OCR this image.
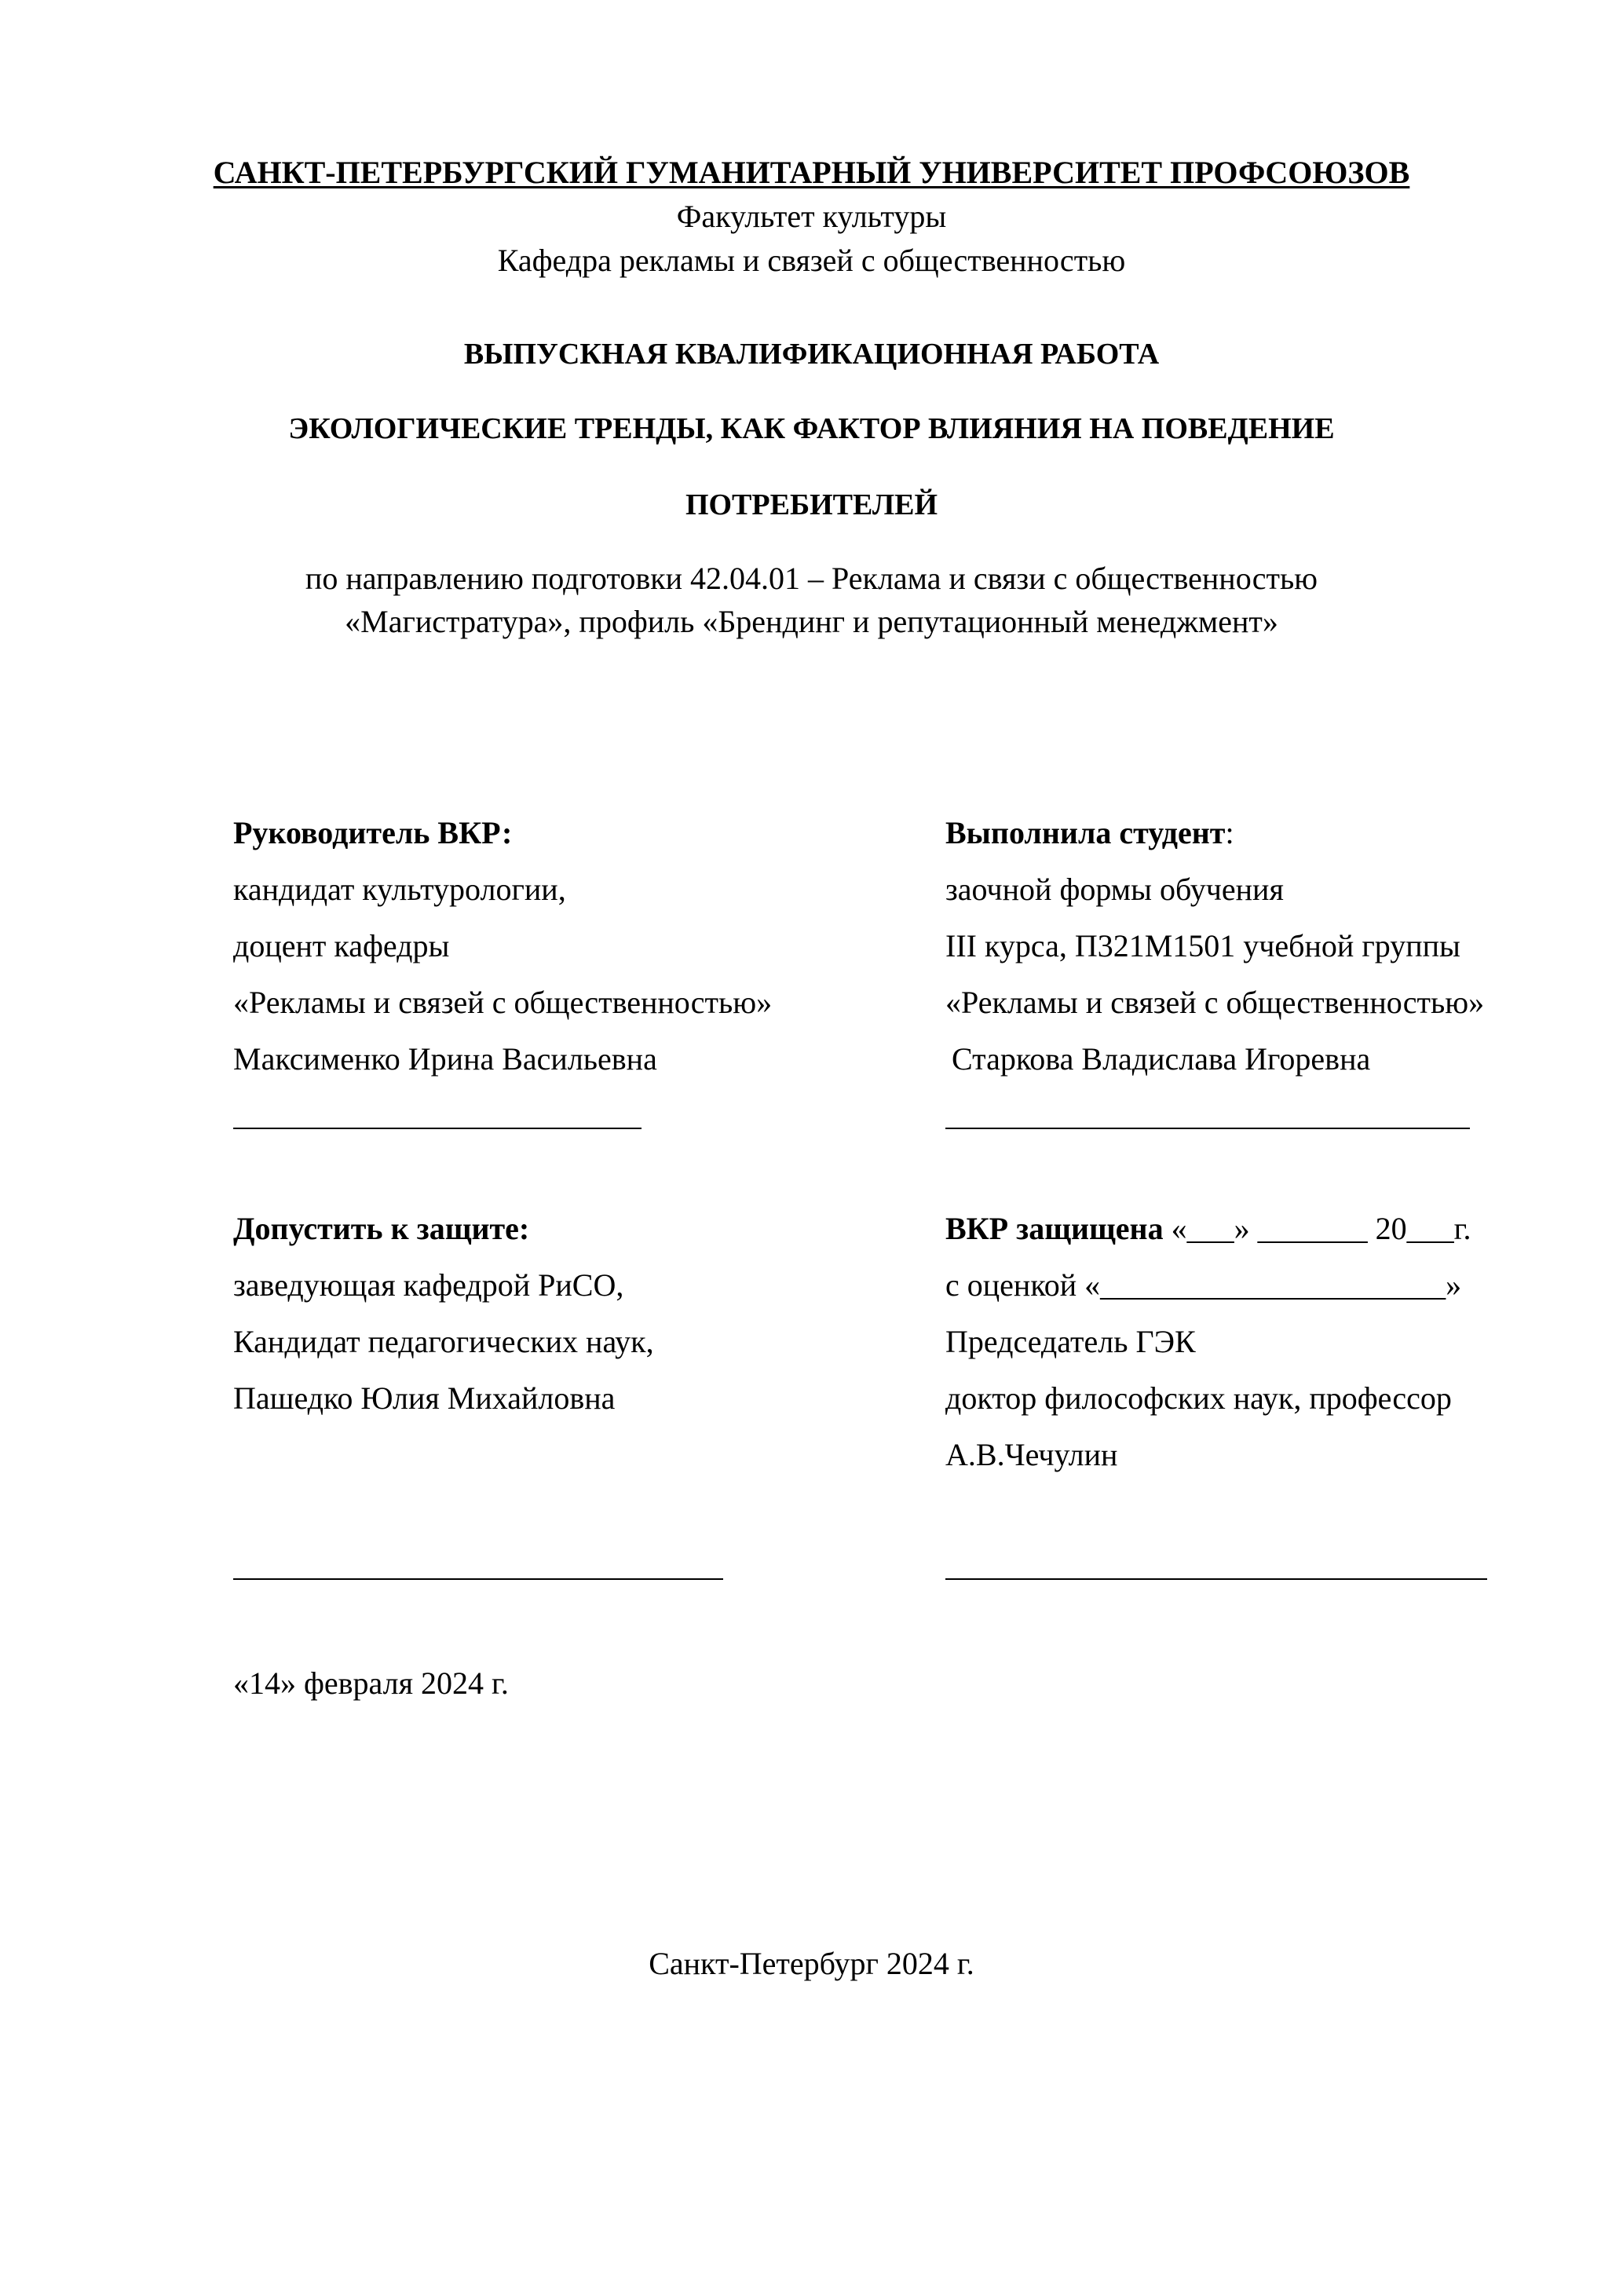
САНКТ-ПЕТЕРБУРГСКИЙ ГУМАНИТАРНЫЙ УНИВЕРСИТЕТ ПРОФСОЮЗОВ
Факультет культуры
Кафедра рекламы и связей с общественностью
ВЫПУСКНАЯ КВАЛИФИКАЦИОННАЯ РАБОТА
ЭКОЛОГИЧЕСКИЕ ТРЕНДЫ, КАК ФАКТОР ВЛИЯНИЯ НА ПОВЕДЕНИЕ
ПОТРЕБИТЕЛЕЙ
по направлению подготовки 42.04.01 – Реклама и связи с общественностью
«Магистратура», профиль «Брендинг и репутационный менеджмент»
Руководитель ВКР:
кандидат культурологии,
доцент кафедры
«Рекламы и связей с общественностью»
Максименко Ирина Васильевна
Выполнила студент:
заочной формы обучения
III курса, П321М1501 учебной группы
«Рекламы и связей с общественностью»
Старкова Владислава Игоревна
Допустить к защите:
заведующая кафедрой РиСО,
Кандидат педагогических наук,
Пашедко Юлия Михайловна
ВКР защищена «___» _______ 20___г.
с оценкой «______________________»
Председатель ГЭК
доктор философских наук, профессор
А.В.Чечулин
«14» февраля 2024 г.
Санкт-Петербург 2024 г.
